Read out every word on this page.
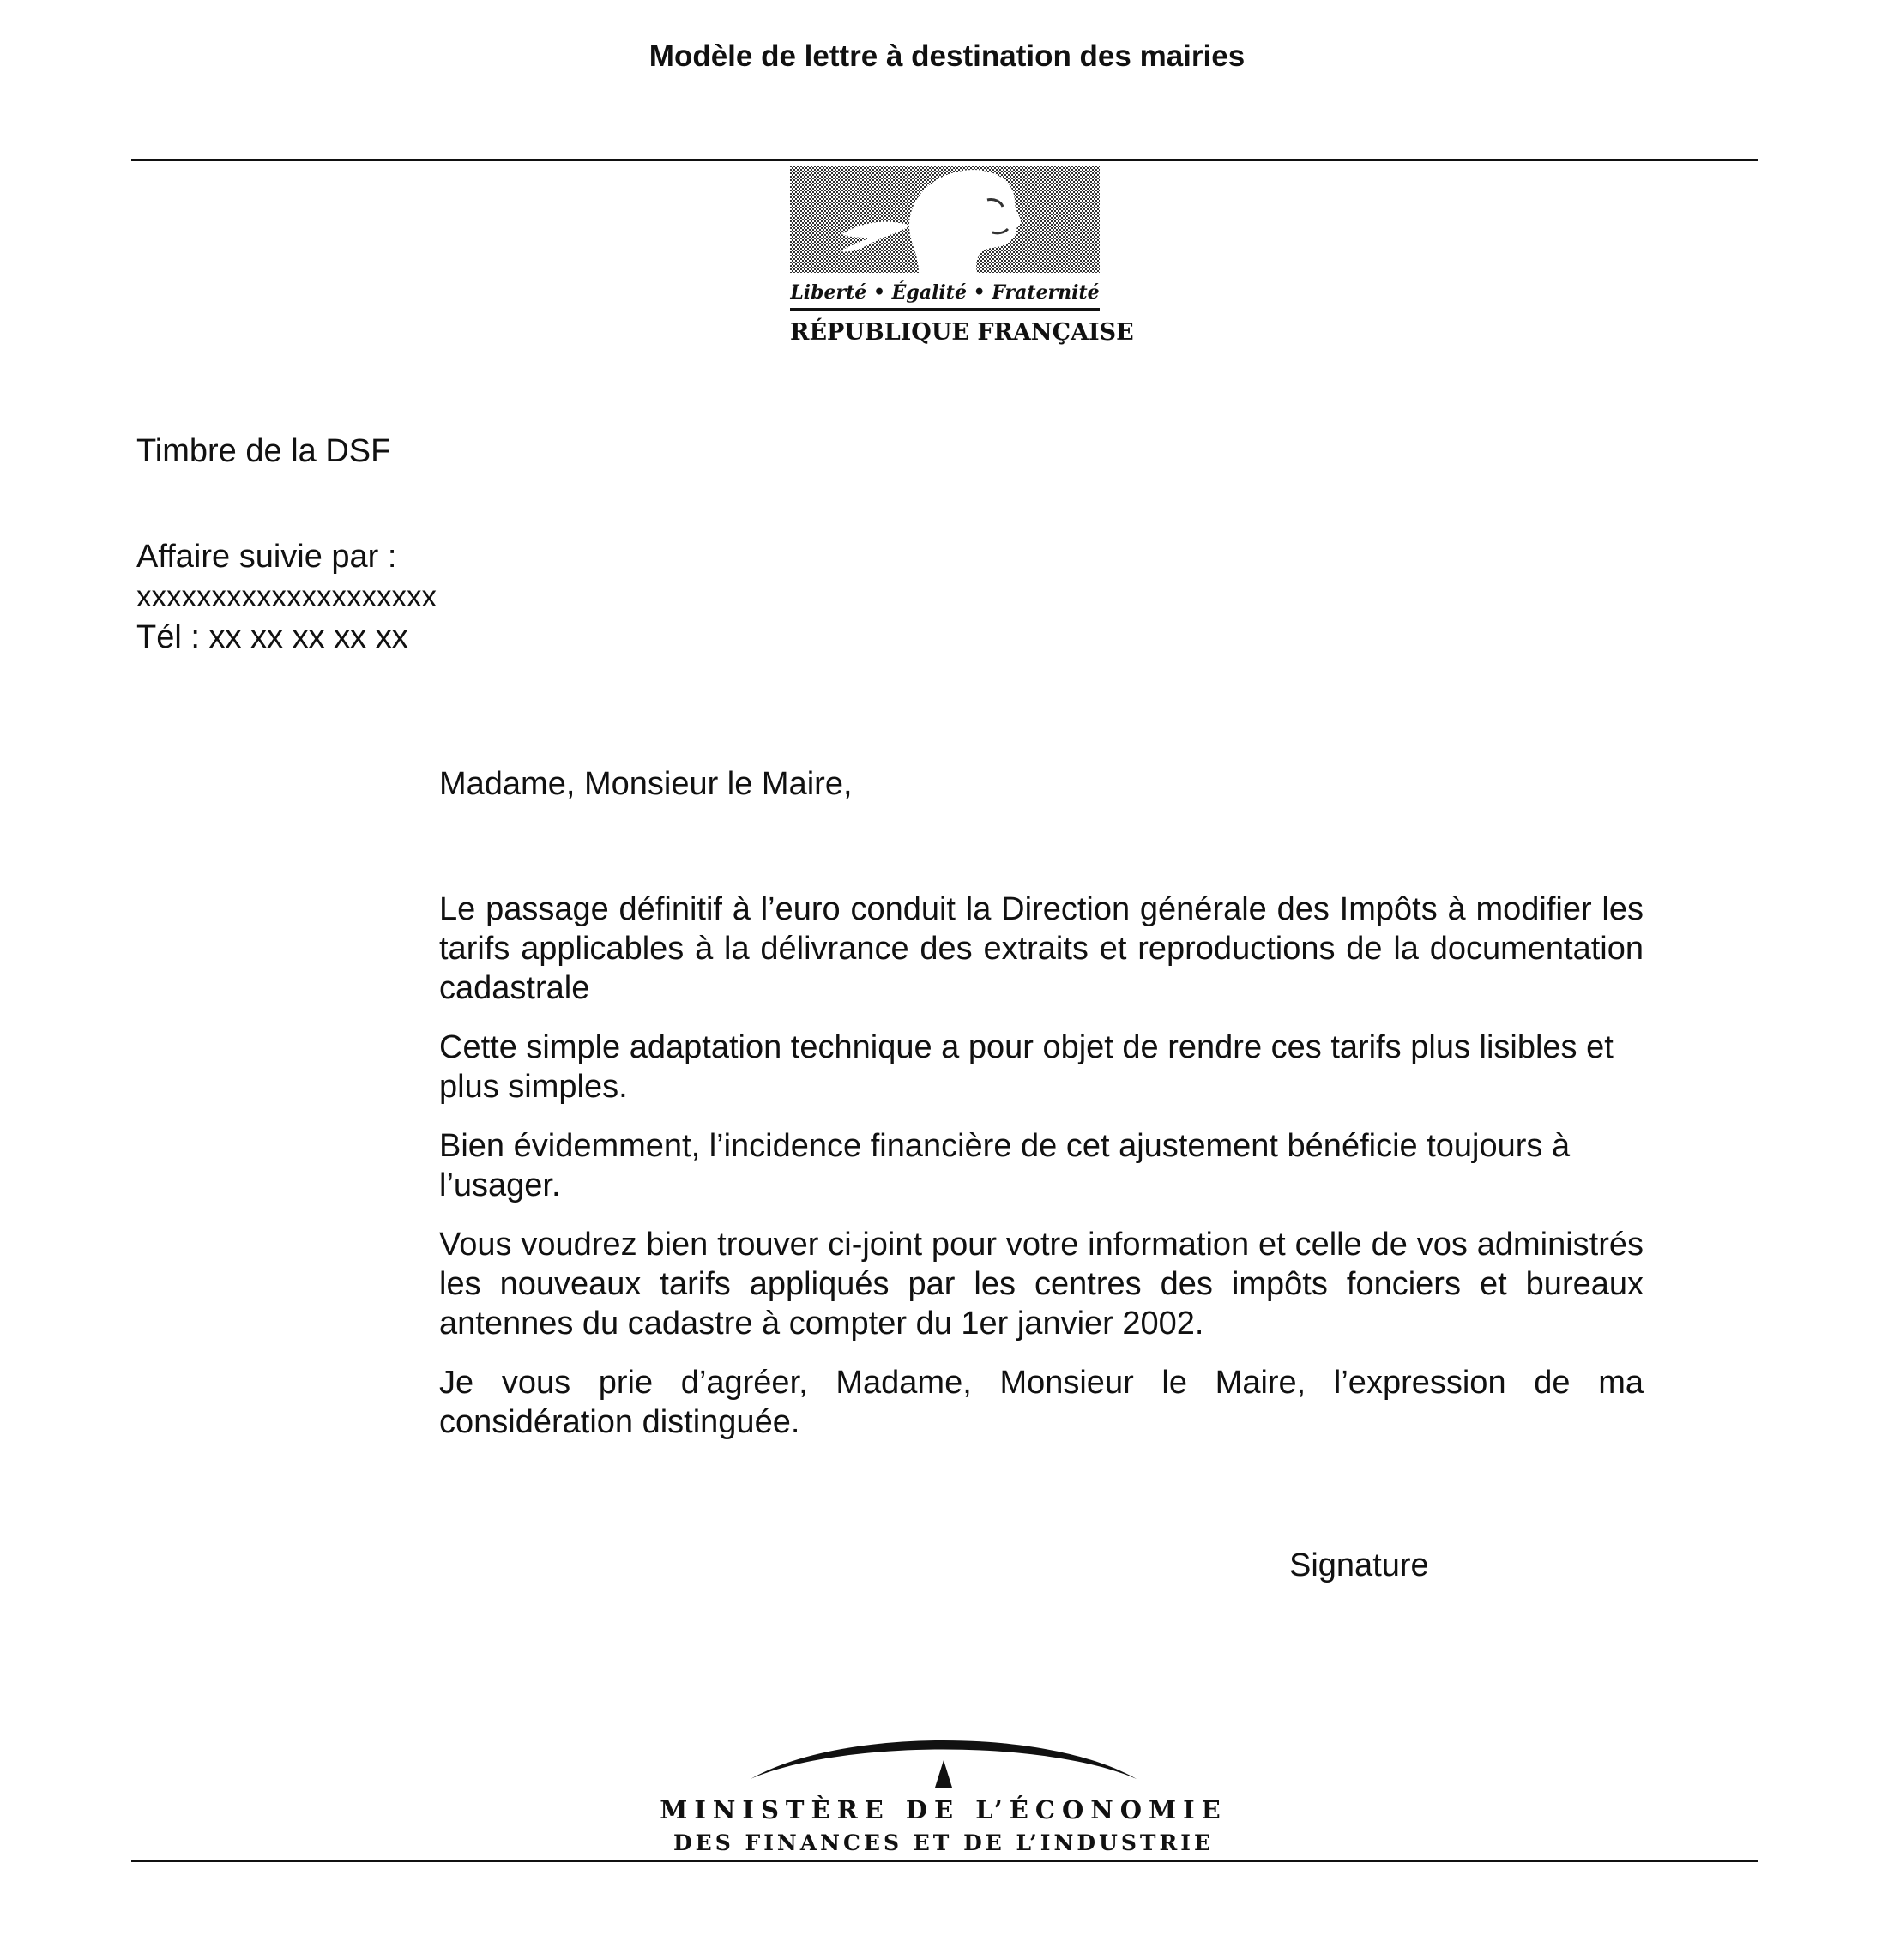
Modèle de lettre à destination des mairies
Liberté • Égalité • Fraternité
RÉPUBLIQUE FRANÇAISE
Timbre de la DSF
Affaire suivie par :
xxxxxxxxxxxxxxxxxxxx
Tél : xx xx xx xx xx
Madame, Monsieur le Maire,

Le passage définitif à l’euro conduit la Direction générale des Impôts à modifier les tarifs applicables à la délivrance des extraits et reproductions de la documentation cadastrale

Cette simple adaptation technique a pour objet de rendre ces tarifs plus lisibles et plus simples.

Bien évidemment, l’incidence financière de cet ajustement bénéficie toujours à l’usager.

Vous voudrez bien trouver ci-joint pour votre information et celle de vos administrés les nouveaux tarifs appliqués par les centres des impôts fonciers et bureaux antennes du cadastre à compter du 1er janvier 2002.

Je vous prie d’agréer, Madame, Monsieur le Maire, l’expression de ma considération distinguée.

Signature
MINISTÈRE DE L’ÉCONOMIE
DES FINANCES ET DE L’INDUSTRIE
